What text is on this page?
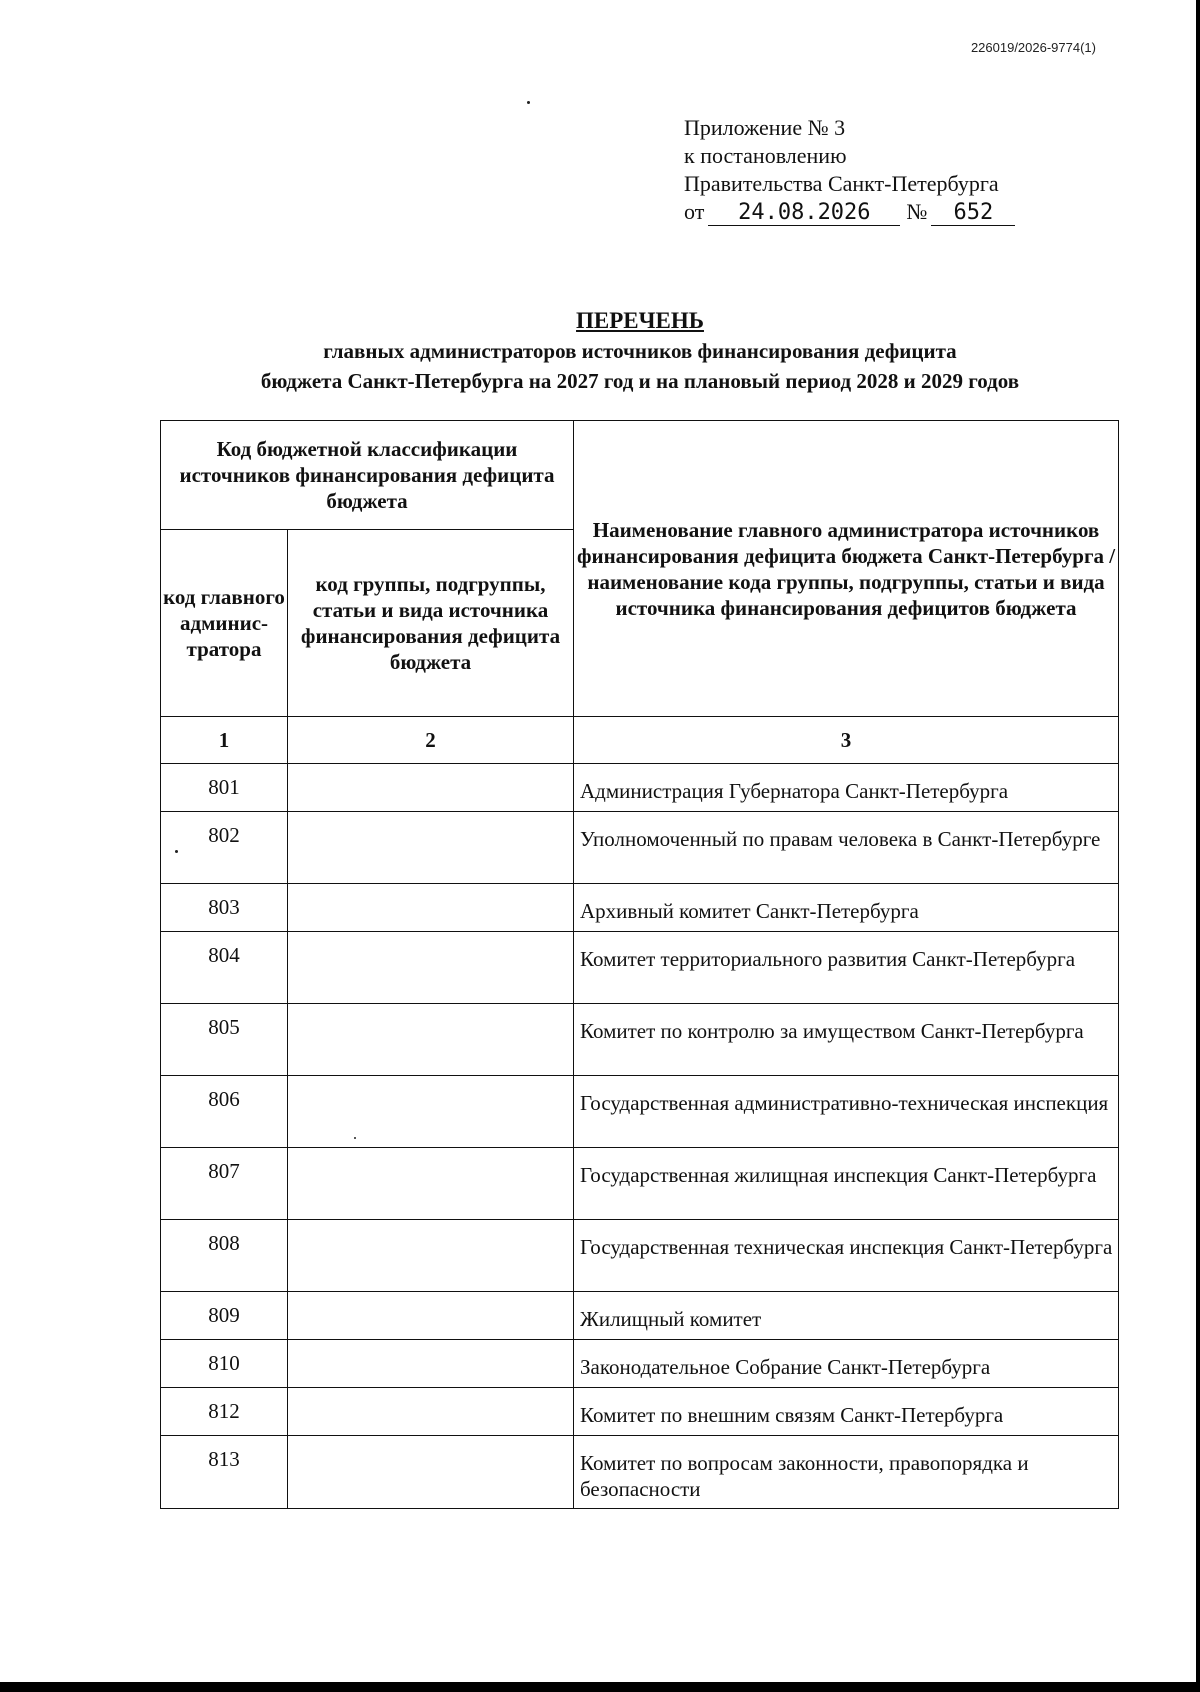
226019/2026-9774(1)
Приложение № 3
к постановлению
Правительства Санкт-Петербурга
от 24.08.2026 № 652
ПЕРЕЧЕНЬ
главных администраторов источников финансирования дефицита
бюджета Санкт-Петербурга на 2027 год и на плановый период 2028 и 2029 годов
Код бюджетной классификации источников финансирования дефицита бюджета		Наименование главного администратора источников финансирования дефицита бюджета Санкт-Петербурга / наименование кода группы, подгруппы, статьи и вида источника финансирования дефицитов бюджета
код главного админис-тратора	код группы, подгруппы, статьи и вида источника финансирования дефицита бюджета	
1	2	3
801		Администрация Губернатора Санкт-Петербурга
802		Уполномоченный по правам человека в Санкт-Петербурге
803		Архивный комитет Санкт-Петербурга
804		Комитет территориального развития Санкт-Петербурга
805		Комитет по контролю за имуществом Санкт-Петербурга
806		Государственная административно-техническая инспекция
807		Государственная жилищная инспекция Санкт-Петербурга
808		Государственная техническая инспекция Санкт-Петербурга
809		Жилищный комитет
810		Законодательное Собрание Санкт-Петербурга
812		Комитет по внешним связям Санкт-Петербурга
813		Комитет по вопросам законности, правопорядка и безопасности
